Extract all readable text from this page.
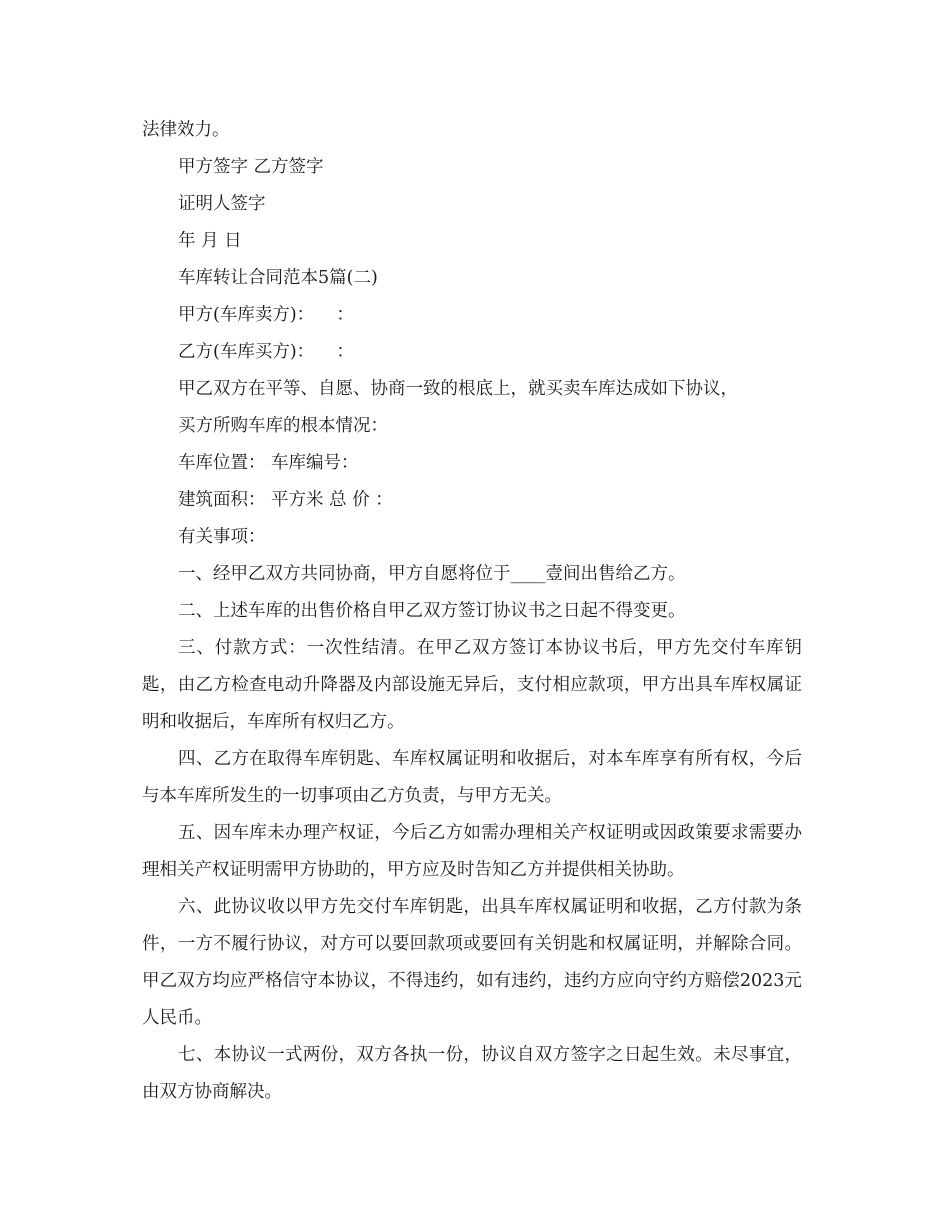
法律效力。

甲方签字 乙方签字

证明人签字

年 月 日

车库转让合同范本5篇(二)

甲方(车库卖方)：    ：

乙方(车库买方)：    ：

甲乙双方在平等、自愿、协商一致的根底上，就买卖车库达成如下协议，

买方所购车库的根本情况：

车库位置： 车库编号：

建筑面积： 平方米 总 价 ：

有关事项：

一、经甲乙双方共同协商，甲方自愿将位于____壹间出售给乙方。

二、上述车库的出售价格自甲乙双方签订协议书之日起不得变更。

三、付款方式：一次性结清。在甲乙双方签订本协议书后，甲方先交付车库钥匙，由乙方检查电动升降器及内部设施无异后，支付相应款项，甲方出具车库权属证明和收据后，车库所有权归乙方。

四、乙方在取得车库钥匙、车库权属证明和收据后，对本车库享有所有权，今后与本车库所发生的一切事项由乙方负责，与甲方无关。

五、因车库未办理产权证，今后乙方如需办理相关产权证明或因政策要求需要办理相关产权证明需甲方协助的，甲方应及时告知乙方并提供相关协助。

六、此协议收以甲方先交付车库钥匙，出具车库权属证明和收据，乙方付款为条件，一方不履行协议，对方可以要回款项或要回有关钥匙和权属证明，并解除合同。甲乙双方均应严格信守本协议，不得违约，如有违约，违约方应向守约方赔偿2023元人民币。

七、本协议一式两份，双方各执一份，协议自双方签字之日起生效。未尽事宜，由双方协商解决。
